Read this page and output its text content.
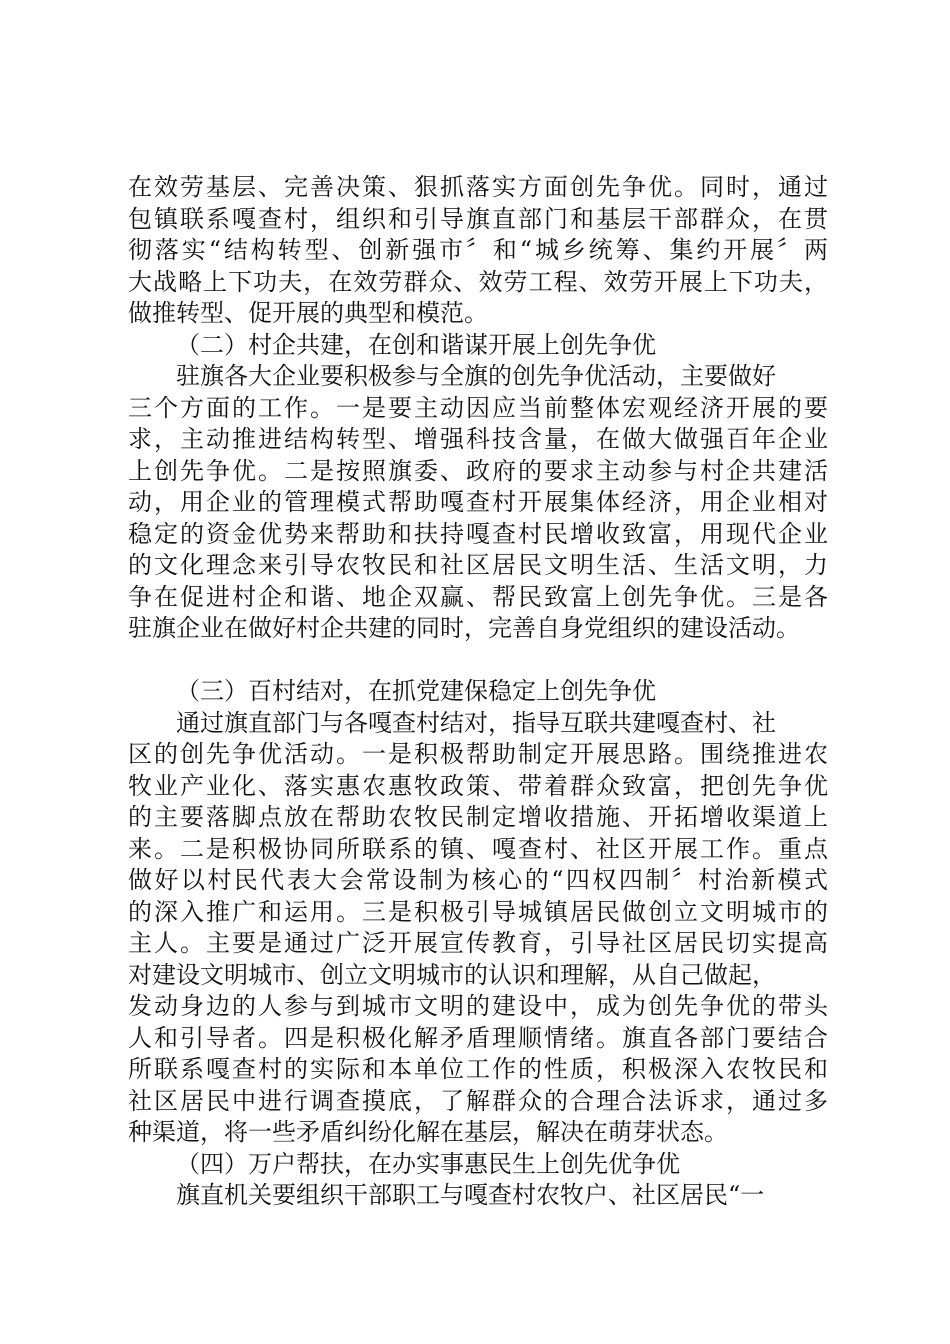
在效劳基层、完善决策、狠抓落实方面创先争优。同时，通过
包镇联系嘎查村，组织和引导旗直部门和基层干部群众，在贯
彻落实“结构转型、创新强市〞和“城乡统筹、集约开展〞两
大战略上下功夫，在效劳群众、效劳工程、效劳开展上下功夫，
做推转型、促开展的典型和模范。
（二）村企共建，在创和谐谋开展上创先争优
驻旗各大企业要积极参与全旗的创先争优活动，主要做好
三个方面的工作。一是要主动因应当前整体宏观经济开展的要
求，主动推进结构转型、增强科技含量，在做大做强百年企业
上创先争优。二是按照旗委、政府的要求主动参与村企共建活
动，用企业的管理模式帮助嘎查村开展集体经济，用企业相对
稳定的资金优势来帮助和扶持嘎查村民增收致富，用现代企业
的文化理念来引导农牧民和社区居民文明生活、生活文明，力
争在促进村企和谐、地企双赢、帮民致富上创先争优。三是各
驻旗企业在做好村企共建的同时，完善自身党组织的建设活动。
（三）百村结对，在抓党建保稳定上创先争优
通过旗直部门与各嘎查村结对，指导互联共建嘎查村、社
区的创先争优活动。一是积极帮助制定开展思路。围绕推进农
牧业产业化、落实惠农惠牧政策、带着群众致富，把创先争优
的主要落脚点放在帮助农牧民制定增收措施、开拓增收渠道上
来。二是积极协同所联系的镇、嘎查村、社区开展工作。重点
做好以村民代表大会常设制为核心的“四权四制〞村治新模式
的深入推广和运用。三是积极引导城镇居民做创立文明城市的
主人。主要是通过广泛开展宣传教育，引导社区居民切实提高
对建设文明城市、创立文明城市的认识和理解，从自己做起，
发动身边的人参与到城市文明的建设中，成为创先争优的带头
人和引导者。四是积极化解矛盾理顺情绪。旗直各部门要结合
所联系嘎查村的实际和本单位工作的性质，积极深入农牧民和
社区居民中进行调查摸底，了解群众的合理合法诉求，通过多
种渠道，将一些矛盾纠纷化解在基层，解决在萌芽状态。
（四）万户帮扶，在办实事惠民生上创先优争优
旗直机关要组织干部职工与嘎查村农牧户、社区居民“一
